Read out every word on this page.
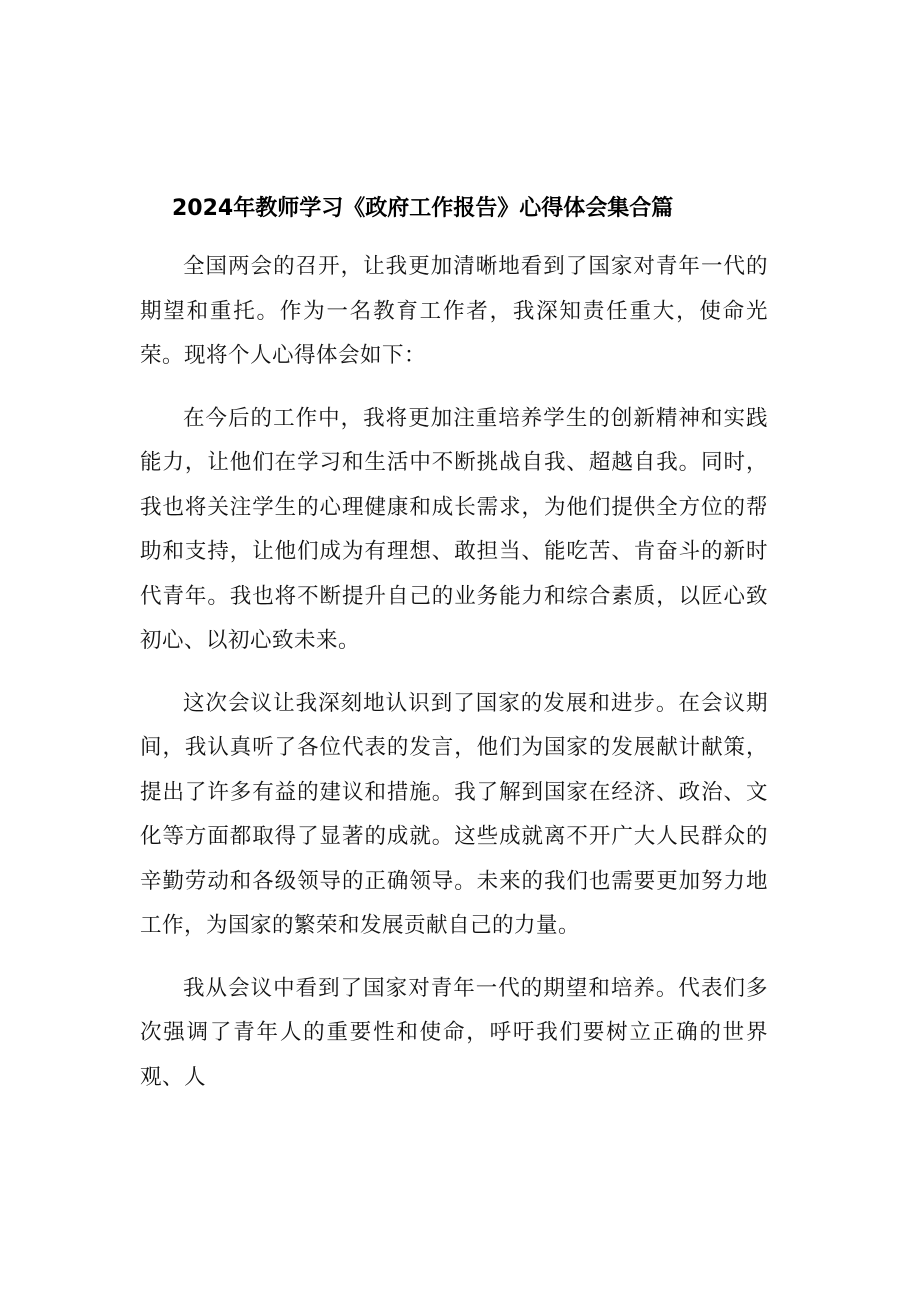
2024年教师学习《政府工作报告》心得体会集合篇

全国两会的召开，让我更加清晰地看到了国家对青年一代的期望和重托。作为一名教育工作者，我深知责任重大，使命光荣。现将个人心得体会如下：

在今后的工作中，我将更加注重培养学生的创新精神和实践能力，让他们在学习和生活中不断挑战自我、超越自我。同时，我也将关注学生的心理健康和成长需求，为他们提供全方位的帮助和支持，让他们成为有理想、敢担当、能吃苦、肯奋斗的新时代青年。我也将不断提升自己的业务能力和综合素质，以匠心致初心、以初心致未来。

这次会议让我深刻地认识到了国家的发展和进步。在会议期间，我认真听了各位代表的发言，他们为国家的发展献计献策，提出了许多有益的建议和措施。我了解到国家在经济、政治、文化等方面都取得了显著的成就。这些成就离不开广大人民群众的辛勤劳动和各级领导的正确领导。未来的我们也需要更加努力地工作，为国家的繁荣和发展贡献自己的力量。

我从会议中看到了国家对青年一代的期望和培养。代表们多次强调了青年人的重要性和使命，呼吁我们要树立正确的世界观、人
